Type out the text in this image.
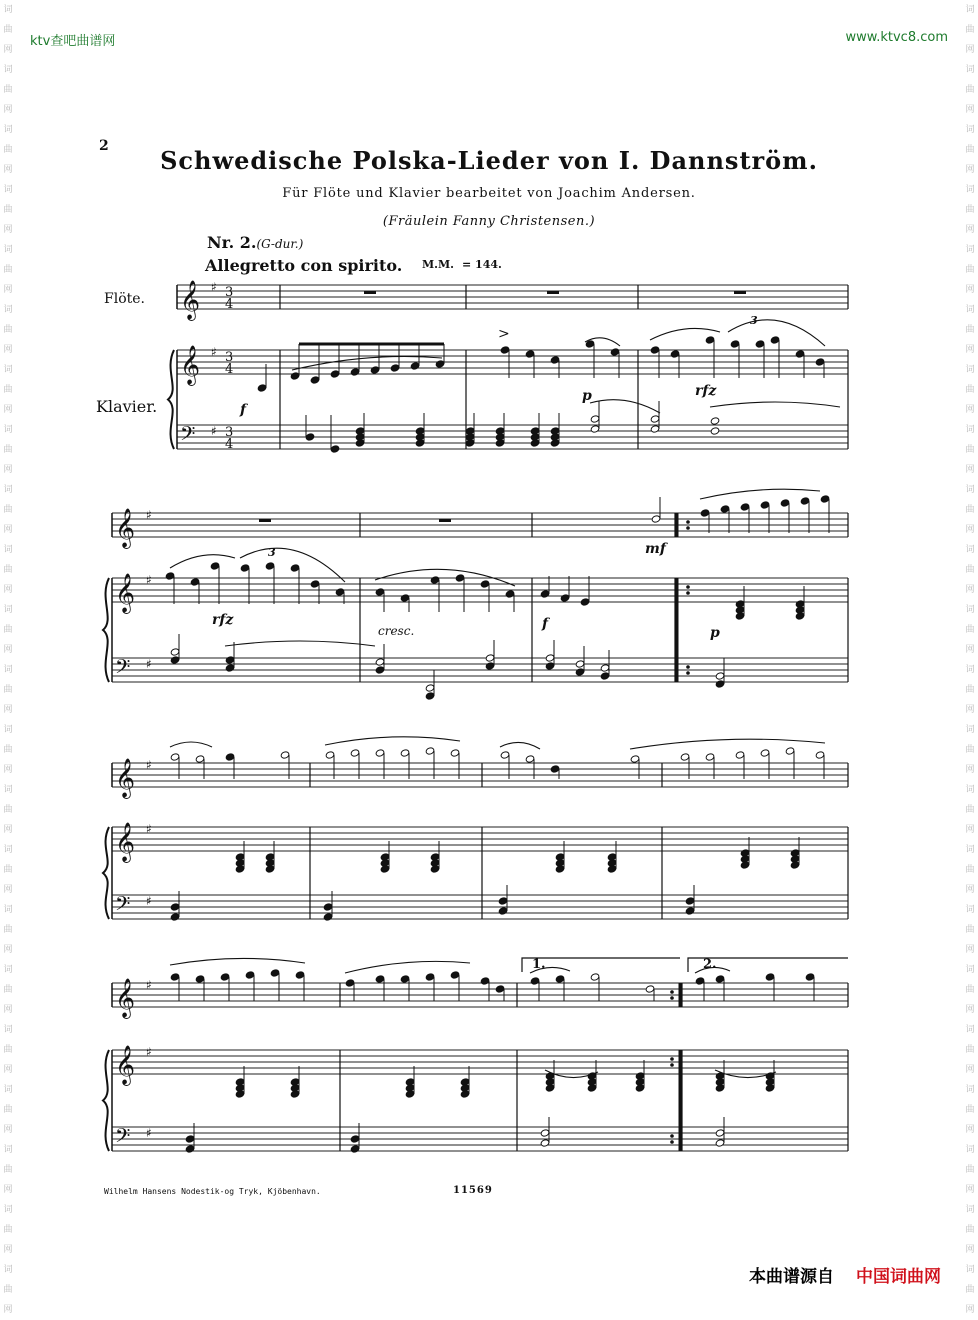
ktv查吧曲谱网	www.ktvc8.com
词
曲
网
词
曲
网
词
曲
网
词
曲
网
词
曲
网
词
曲
网
词
曲
网
词
曲
网
词
曲
网
词
曲
网
词
曲
网
词
曲
网
词
曲
网
词
曲
网
词
曲
网
词
曲
网
词
曲
网
词
曲
网
词
曲
网
词
曲
网
词
曲
网
词
曲
网
词
曲
网
词
曲
网
词
曲
网
词
曲
网
词
曲
网
词
曲
网
词
曲
网
词
曲
网
词
曲
网
词
曲
网
词
曲
网
词
曲
网
词
曲
网
词
曲
网
词
曲
网
词
曲
网
词
曲
网
词
曲
网
词
曲
网
词
曲
网
词
曲
网
词
曲
网
2	Schwedische Polska-Lieder von I. Dannström.
Für Flöte und Klavier bearbeitet von Joachim Andersen.
(Fräulein Fanny Christensen.)
Nr. 2.(G-dur.)
Allegretto con spirito. M.M. = 144.
Flöte.
Klavier.
𝄞
𝄞
𝄢
♯
♯
♯
3
4
3
4
3
4
>
𝄞
𝄞
𝄢
♯
♯
♯
𝄞
𝄞
𝄢
♯
♯
♯
𝄞
𝄞
𝄢
♯
♯
♯
f
p	rfz
rfz
cresc.	f
mf
p
3
3
1.	2.
Wilhelm Hansens Nodestik-og Tryk, Kjöbenhavn.	11569
本曲谱源自 中国词曲网
